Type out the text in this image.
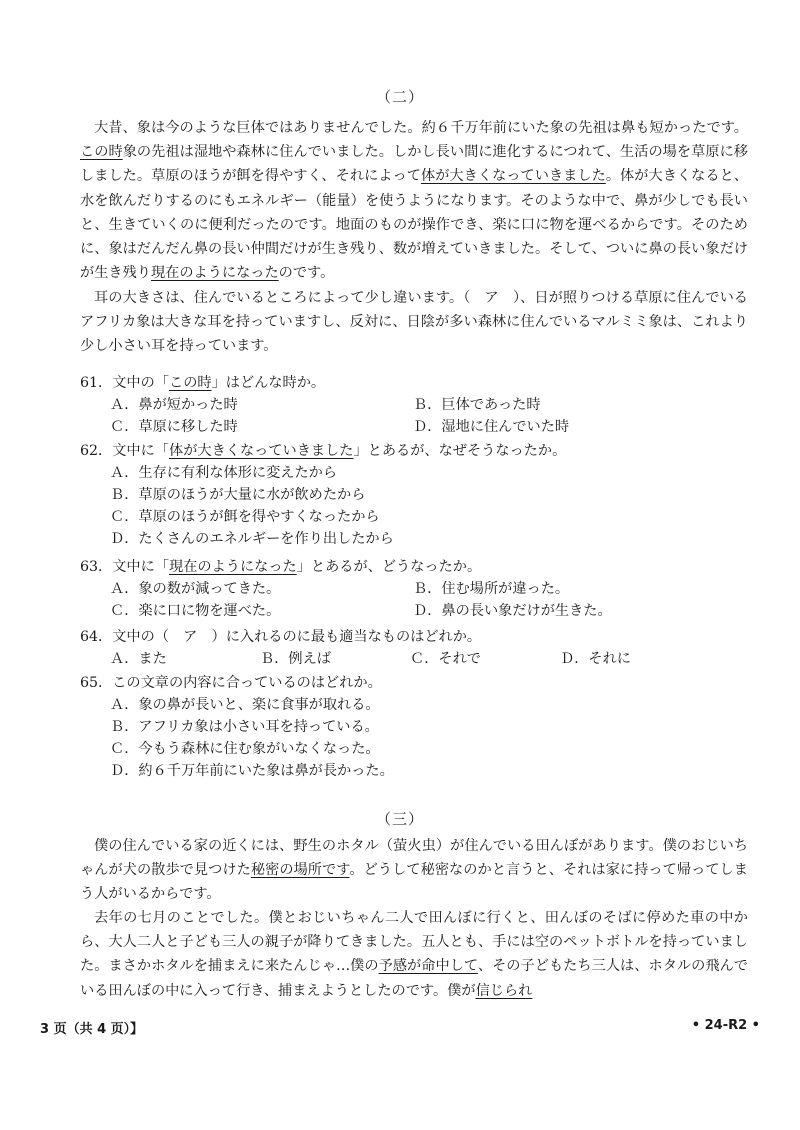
（二）

大昔、象は今のような巨体ではありませんでした。約６千万年前にいた象の先祖は鼻も短かったです。この時象の先祖は湿地や森林に住んでいました。しかし長い間に進化するにつれて、生活の場を草原に移しました。草原のほうが餌を得やすく、それによって体が大きくなっていきました。体が大きくなると、水を飲んだりするのにもエネルギー（能量）を使うようになります。そのような中で、鼻が少しでも長いと、生きていくのに便利だったのです。地面のものが操作でき、楽に口に物を運べるからです。そのために、象はだんだん鼻の長い仲間だけが生き残り、数が増えていきました。そして、ついに鼻の長い象だけが生き残り現在のようになったのです。

耳の大きさは、住んでいるところによって少し違います。（　ア　）、日が照りつける草原に住んでいるアフリカ象は大きな耳を持っていますし、反対に、日陰が多い森林に住んでいるマルミミ象は、これより少し小さい耳を持っています。

61．文中の「この時」はどんな時か。
Ａ．鼻が短かった時	Ｂ．巨体であった時
Ｃ．草原に移した時	Ｄ．湿地に住んでいた時
62．文中に「体が大きくなっていきました」とあるが、なぜそうなったか。
Ａ．生存に有利な体形に変えたから
Ｂ．草原のほうが大量に水が飲めたから
Ｃ．草原のほうが餌を得やすくなったから
Ｄ．たくさんのエネルギーを作り出したから
63．文中に「現在のようになった」とあるが、どうなったか。
Ａ．象の数が減ってきた。	Ｂ．住む場所が違った。
Ｃ．楽に口に物を運べた。	Ｄ．鼻の長い象だけが生きた。
64．文中の（　ア　）に入れるのに最も適当なものはどれか。
Ａ．また	Ｂ．例えば	Ｃ．それで	Ｄ．それに
65．この文章の内容に合っているのはどれか。
Ａ．象の鼻が長いと、楽に食事が取れる。
Ｂ．アフリカ象は小さい耳を持っている。
Ｃ．今もう森林に住む象がいなくなった。
Ｄ．約６千万年前にいた象は鼻が長かった。
（三）

僕の住んでいる家の近くには、野生のホタル（萤火虫）が住んでいる田んぼがあります。僕のおじいちゃんが犬の散歩で見つけた秘密の場所です。どうして秘密なのかと言うと、それは家に持って帰ってしまう人がいるからです。

去年の七月のことでした。僕とおじいちゃん二人で田んぼに行くと、田んぼのそばに停めた車の中から、大人二人と子ども三人の親子が降りてきました。五人とも、手には空のペットボトルを持っていました。まさかホタルを捕まえに来たんじゃ…僕の予感が命中して、その子どもたち三人は、ホタルの飛んでいる田んぼの中に入って行き、捕まえようとしたのです。僕が信じられ

3 页（共 4 页）】	• 24-R2 •
